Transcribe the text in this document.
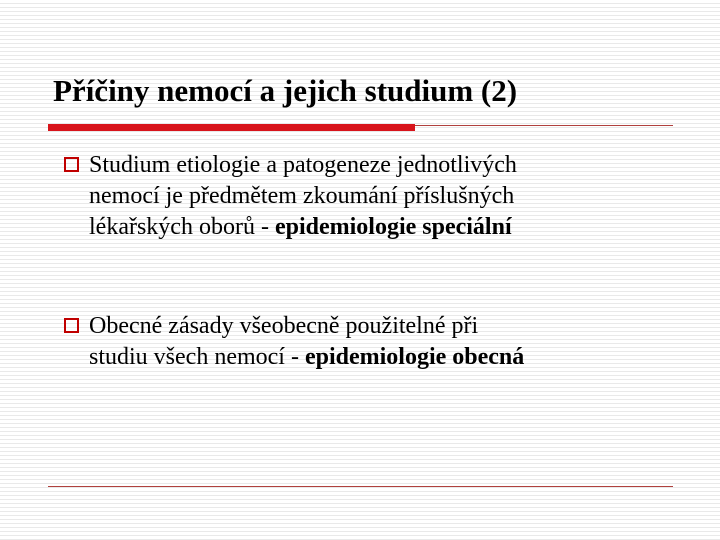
Příčiny nemocí a jejich studium (2)
Studium etiologie a patogeneze jednotlivých
nemocí je předmětem zkoumání příslušných
lékařských oborů - epidemiologie speciální
Obecné zásady všeobecně použitelné při
studiu všech nemocí - epidemiologie obecná
